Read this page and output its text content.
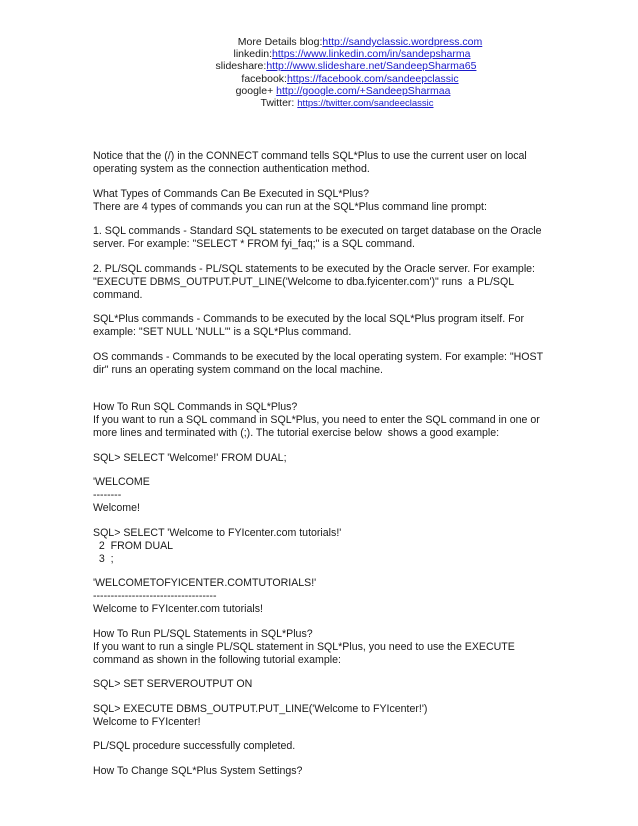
More Details blog:http://sandyclassic.wordpress.com
linkedin:https://www.linkedin.com/in/sandepsharma
slideshare:http://www.slideshare.net/SandeepSharma65
facebook:https://facebook.com/sandeepclassic
google+ http://google.com/+SandeepSharmaa
Twitter: https://twitter.com/sandeeclassic
Notice that the (/) in the CONNECT command tells SQL*Plus to use the current user on local
operating system as the connection authentication method.
What Types of Commands Can Be Executed in SQL*Plus?
There are 4 types of commands you can run at the SQL*Plus command line prompt:
1. SQL commands - Standard SQL statements to be executed on target database on the Oracle
server. For example: "SELECT * FROM fyi_faq;" is a SQL command.
2. PL/SQL commands - PL/SQL statements to be executed by the Oracle server. For example:
"EXECUTE DBMS_OUTPUT.PUT_LINE('Welcome to dba.fyicenter.com')" runs  a PL/SQL
command.
SQL*Plus commands - Commands to be executed by the local SQL*Plus program itself. For
example: "SET NULL 'NULL'" is a SQL*Plus command.
OS commands - Commands to be executed by the local operating system. For example: "HOST
dir" runs an operating system command on the local machine.
How To Run SQL Commands in SQL*Plus?
If you want to run a SQL command in SQL*Plus, you need to enter the SQL command in one or
more lines and terminated with (;). The tutorial exercise below  shows a good example:
SQL> SELECT 'Welcome!' FROM DUAL;
'WELCOME
--------
Welcome!
SQL> SELECT 'Welcome to FYIcenter.com tutorials!'
2  FROM DUAL
3  ;
'WELCOMETOFYICENTER.COMTUTORIALS!'
-----------------------------------
Welcome to FYIcenter.com tutorials!
How To Run PL/SQL Statements in SQL*Plus?
If you want to run a single PL/SQL statement in SQL*Plus, you need to use the EXECUTE
command as shown in the following tutorial example:
SQL> SET SERVEROUTPUT ON
SQL> EXECUTE DBMS_OUTPUT.PUT_LINE('Welcome to FYIcenter!')
Welcome to FYIcenter!
PL/SQL procedure successfully completed.
How To Change SQL*Plus System Settings?
